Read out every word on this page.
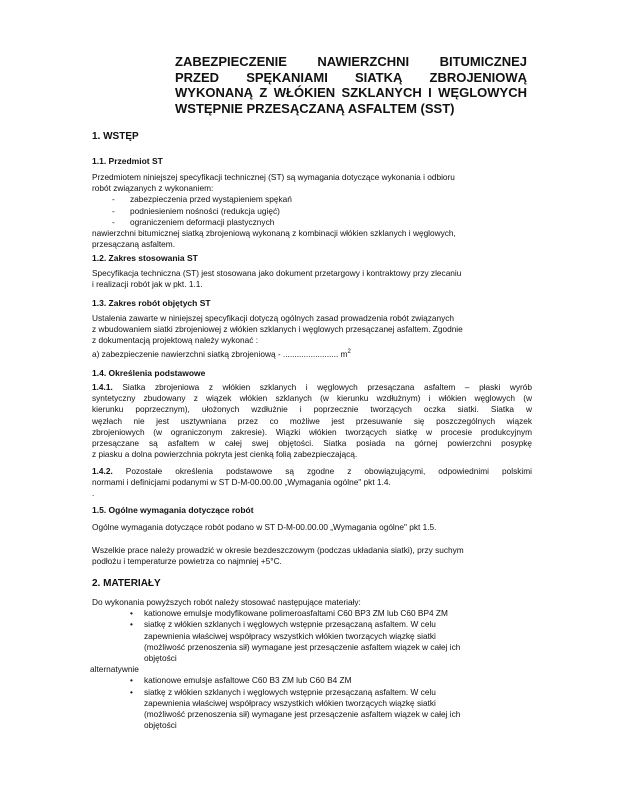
ZABEZPIECZENIE NAWIERZCHNI BITUMICZNEJ
PRZED SPĘKANIAMI SIATKĄ ZBROJENIOWĄ
WYKONANĄ Z WŁÓKIEN SZKLANYCH I WĘGLOWYCH
WSTĘPNIE PRZESĄCZANĄ ASFALTEM (SST)
1. WSTĘP
1.1. Przedmiot ST
Przedmiotem niniejszej specyfikacji technicznej (ST) są wymagania dotyczące wykonania i odbioru
robót związanych z wykonaniem:
- zabezpieczenia przed wystąpieniem spękań
- podniesieniem nośności (redukcja ugięć)
- ograniczeniem deformacji plastycznych
nawierzchni bitumicznej siatką zbrojeniową wykonaną z kombinacji włókien szklanych i węglowych,
przesączaną asfaltem.
1.2. Zakres stosowania ST
Specyfikacja techniczna (ST) jest stosowana jako dokument przetargowy i kontraktowy przy zlecaniu
i realizacji robót jak w pkt. 1.1.
1.3. Zakres robót objętych ST
Ustalenia zawarte w niniejszej specyfikacji dotyczą ogólnych zasad prowadzenia robót związanych
z wbudowaniem siatki zbrojeniowej z włókien szklanych i węglowych przesączanej asfaltem. Zgodnie
z dokumentacją projektową należy wykonać :
a) zabezpieczenie nawierzchni siatką zbrojeniową - ........................ $m^2$
1.4. Określenia podstawowe
1.4.1. Siatka zbrojeniowa z włókien szklanych i węglowych przesączana asfaltem – płaski wyrób
syntetyczny zbudowany z wiązek włókien szklanych (w kierunku wzdłużnym) i włókien węglowych (w
kierunku poprzecznym), ułożonych wzdłużnie i poprzecznie tworzących oczka siatki. Siatka w
węzłach nie jest usztywniana przez co możliwe jest przesuwanie się poszczególnych wiązek
zbrojeniowych (w ograniczonym zakresie). Wiązki włókien tworzących siatkę w procesie produkcyjnym
przesączane są asfaltem w całej swej objętości. Siatka posiada na górnej powierzchni posypkę
z piasku a dolna powierzchnia pokryta jest cienką folią zabezpieczającą.
1.4.2. Pozostałe określenia podstawowe są zgodne z obowiązującymi, odpowiednimi polskimi
normami i definicjami podanymi w ST D-M-00.00.00 „Wymagania ogólne" pkt 1.4.
.
1.5. Ogólne wymagania dotyczące robót
Ogólne wymagania dotyczące robót podano w ST D-M-00.00.00 „Wymagania ogólne" pkt 1.5.
Wszelkie prace należy prowadzić w okresie bezdeszczowym (podczas układania siatki), przy suchym
podłożu i temperaturze powietrza co najmniej +5°C.
2. MATERIAŁY
Do wykonania powyższych robót należy stosować następujące materiały:
• kationowe emulsje modyfikowane polimeroasfaltami C60 BP3 ZM lub C60 BP4 ZM
• siatkę z włókien szklanych i węglowych wstępnie przesączaną asfaltem. W celu
zapewnienia właściwej współpracy wszystkich włókien tworzących wiązkę siatki
(możliwość przenoszenia sił) wymagane jest przesączenie asfaltem wiązek w całej ich
objętości
alternatywnie
• kationowe emulsje asfaltowe C60 B3 ZM lub C60 B4 ZM
• siatkę z włókien szklanych i węglowych wstępnie przesączaną asfaltem. W celu
zapewnienia właściwej współpracy wszystkich włókien tworzących wiązkę siatki
(możliwość przenoszenia sił) wymagane jest przesączenie asfaltem wiązek w całej ich
objętości
